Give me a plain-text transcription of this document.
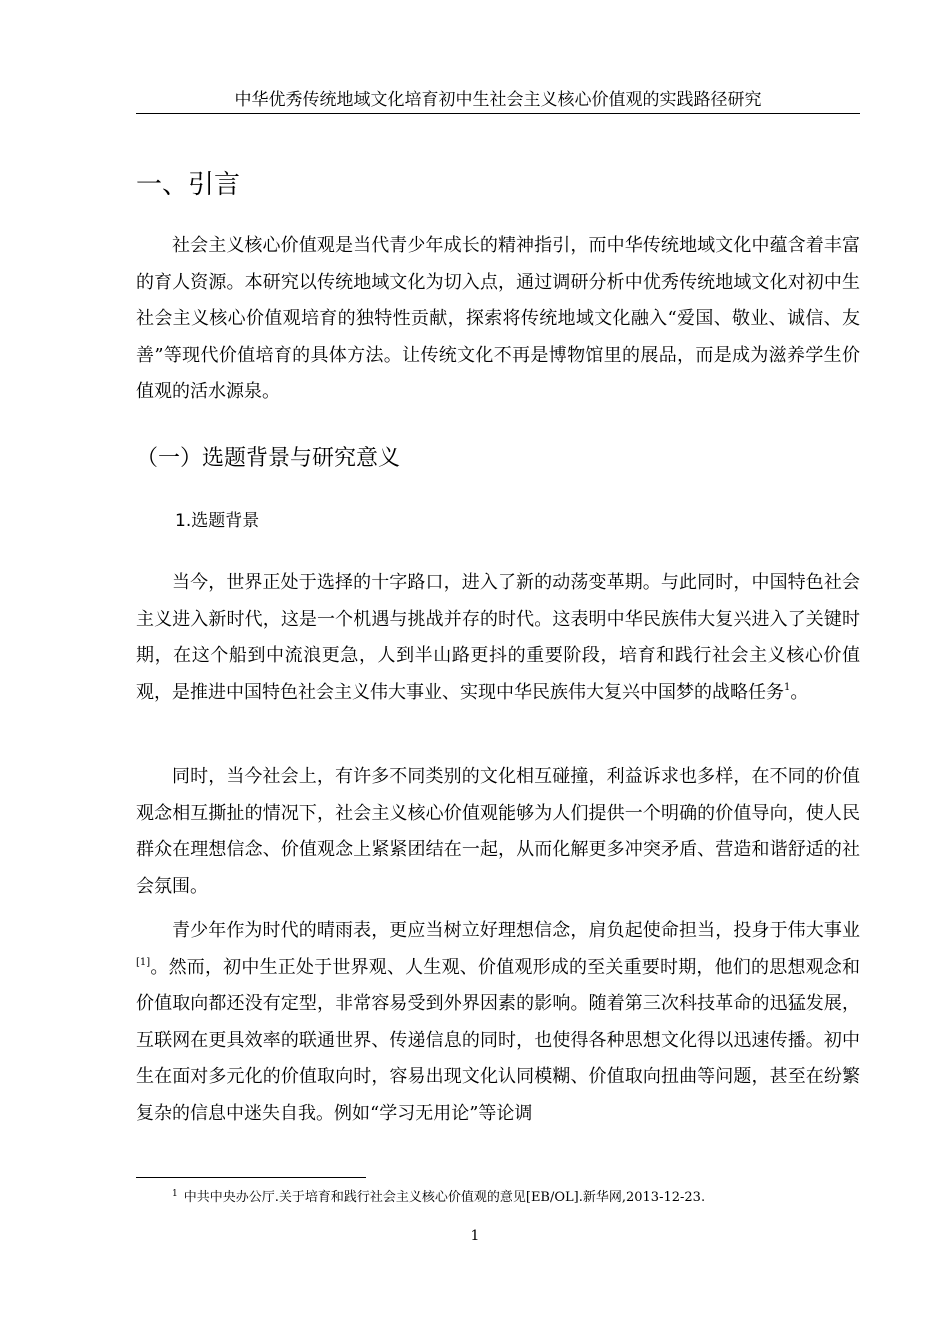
中华优秀传统地域文化培育初中生社会主义核心价值观的实践路径研究
一、引言

社会主义核心价值观是当代青少年成长的精神指引，而中华传统地域文化中蕴含着丰富的育人资源。本研究以传统地域文化为切入点，通过调研分析中优秀传统地域文化对初中生社会主义核心价值观培育的独特性贡献，探索将传统地域文化融入“爱国、敬业、诚信、友善”等现代价值培育的具体方法。让传统文化不再是博物馆里的展品，而是成为滋养学生价值观的活水源泉。

（一）选题背景与研究意义
1.选题背景

当今，世界正处于选择的十字路口，进入了新的动荡变革期。与此同时，中国特色社会主义进入新时代，这是一个机遇与挑战并存的时代。这表明中华民族伟大复兴进入了关键时期，在这个船到中流浪更急，人到半山路更抖的重要阶段，培育和践行社会主义核心价值观，是推进中国特色社会主义伟大事业、实现中华民族伟大复兴中国梦的战略任务$^1$。

同时，当今社会上，有许多不同类别的文化相互碰撞，利益诉求也多样，在不同的价值观念相互撕扯的情况下，社会主义核心价值观能够为人们提供一个明确的价值导向，使人民群众在理想信念、价值观念上紧紧团结在一起，从而化解更多冲突矛盾、营造和谐舒适的社会氛围。

青少年作为时代的晴雨表，更应当树立好理想信念，肩负起使命担当，投身于伟大事业[1]。然而，初中生正处于世界观、人生观、价值观形成的至关重要时期，他们的思想观念和价值取向都还没有定型，非常容易受到外界因素的影响。随着第三次科技革命的迅猛发展，互联网在更具效率的联通世界、传递信息的同时，也使得各种思想文化得以迅速传播。初中生在面对多元化的价值取向时，容易出现文化认同模糊、价值取向扭曲等问题，甚至在纷繁复杂的信息中迷失自我。例如“学习无用论”等论调

$^1$ 中共中央办公厅.关于培育和践行社会主义核心价值观的意见[EB/OL].新华网,2013-12-23.
1
